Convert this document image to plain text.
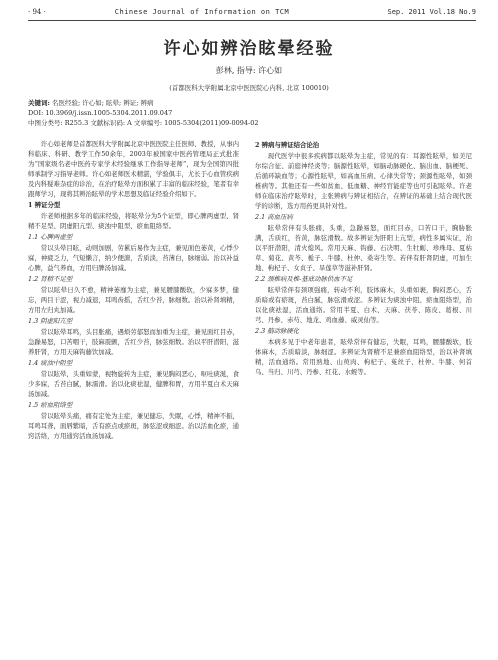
· 94 ·	Chinese Journal of Information on TCM	Sep. 2011 Vol.18 No.9
许心如辨治眩晕经验
彭林, 指导: 许心如
(首都医科大学附属北京中医医院心内科, 北京 100010)
关键词: 名医经验; 许心如; 眩晕; 辨证; 辨病
DOI: 10.3969/j.issn.1005-5304.2011.09.047
中图分类号: R255.3 文献标识码: A 文章编号: 1005-5304(2011)09-0094-02

许心如老师是首都医科大学附属北京中医医院主任医师、教授，从事内科临床、科研、教学工作50余年，2003年被国家中医药管理局正式批准为“国家级名老中医药专家学术经验继承工作指导老师”，现为全国第四批师承制学习指导老师。许心如老师医术精湛，学验俱丰，尤长于心血管疾病及内科疑难杂症的诊治，在治疗眩晕方面积累了丰富的临床经验，笔者有幸跟师学习，现将其辨治眩晕的学术思想及临证经验介绍如下。

1 辨证分型

许老师根据多年的临床经验，将眩晕分为5个证型，即心脾两虚型、肾精不足型、阴虚阳亢型、痰浊中阻型、瘀血阻络型。

1.1 心脾两虚型

常以头晕目眩，动则加剧，劳累后易作为主症，兼见面色萎黄，心悸少寐，神疲乏力，气短懒言，纳少便溏，舌质淡，苔薄白，脉细弱。治以补益心脾，益气养血，方用归脾汤加减。

1.2 肾精不足型

常以眩晕日久不愈，精神萎靡为主症，兼见腰膝酸软，少寐多梦，健忘，两目干涩，视力减退，耳鸣齿摇，舌红少苔，脉细数。治以补肾填精，方用左归丸加减。

1.3 阴虚阳亢型

常以眩晕耳鸣，头目胀痛，遇烦劳郁怒而加重为主症，兼见面红目赤，急躁易怒，口苦咽干，肢麻震颤，舌红少苔，脉弦细数。治以平肝潜阳，滋养肝肾，方用天麻钩藤饮加减。

1.4 痰浊中阻型

常以眩晕，头重如蒙，视物旋转为主症，兼见胸闷恶心，呕吐痰涎，食少多寐，舌苔白腻，脉濡滑。治以化痰祛湿，健脾和胃，方用半夏白术天麻汤加减。

1.5 瘀血阻络型

常以眩晕头痛，痛有定处为主症，兼见健忘，失眠，心悸，精神不振，耳鸣耳聋，面唇紫暗，舌有瘀点或瘀斑，脉弦涩或细涩。治以活血化瘀，通窍活络，方用通窍活血汤加减。

2 辨病与辨证结合论治

现代医学中很多疾病都以眩晕为主症，常见的有：耳源性眩晕，如美尼尔综合征、前庭神经炎等；脑源性眩晕，如脑动脉硬化、脑出血、脑梗死、后循环缺血等；心源性眩晕，如高血压病、心律失常等；颈源性眩晕，如颈椎病等。其他还有一些如贫血、低血糖、神经官能症等也可引起眩晕。许老师在临床治疗眩晕时，主张辨病与辨证相结合，在辨证的基础上结合现代医学的诊断，选方用药更具针对性。

2.1 高血压病

眩晕常伴有头胀痛，头重，急躁易怒，面红目赤，口苦口干，胸胁胀满，舌质红，苔黄，脉弦滑数。故多辨证为肝阳上亢型，病性多属实证，治以平肝潜阳，清火熄风。常用天麻、钩藤、石决明、生牡蛎、珍珠母、夏枯草、菊花、黄芩、栀子、牛膝、杜仲、桑寄生等。若伴有肝肾阴虚，可加生地、枸杞子、女贞子、旱莲草等滋补肝肾。

2.2 颈椎病及椎-基底动脉供血不足

眩晕常伴有颈项强痛，转动不利，肢体麻木，头重如裹，胸闷恶心，舌质暗或有瘀斑，苔白腻，脉弦滑或涩。多辨证为痰浊中阻、瘀血阻络型，治以化痰祛湿，活血通络。常用半夏、白术、天麻、茯苓、陈皮、葛根、川芎、丹参、赤芍、地龙、鸡血藤、威灵仙等。

2.3 脑动脉硬化

本病多见于中老年患者，眩晕常伴有健忘，失眠，耳鸣，腰膝酸软，肢体麻木，舌质暗淡，脉细涩。多辨证为肾精不足兼瘀血阻络型，治以补肾填精，活血通络。常用熟地、山萸肉、枸杞子、菟丝子、杜仲、牛膝、何首乌、当归、川芎、丹参、红花、水蛭等。
